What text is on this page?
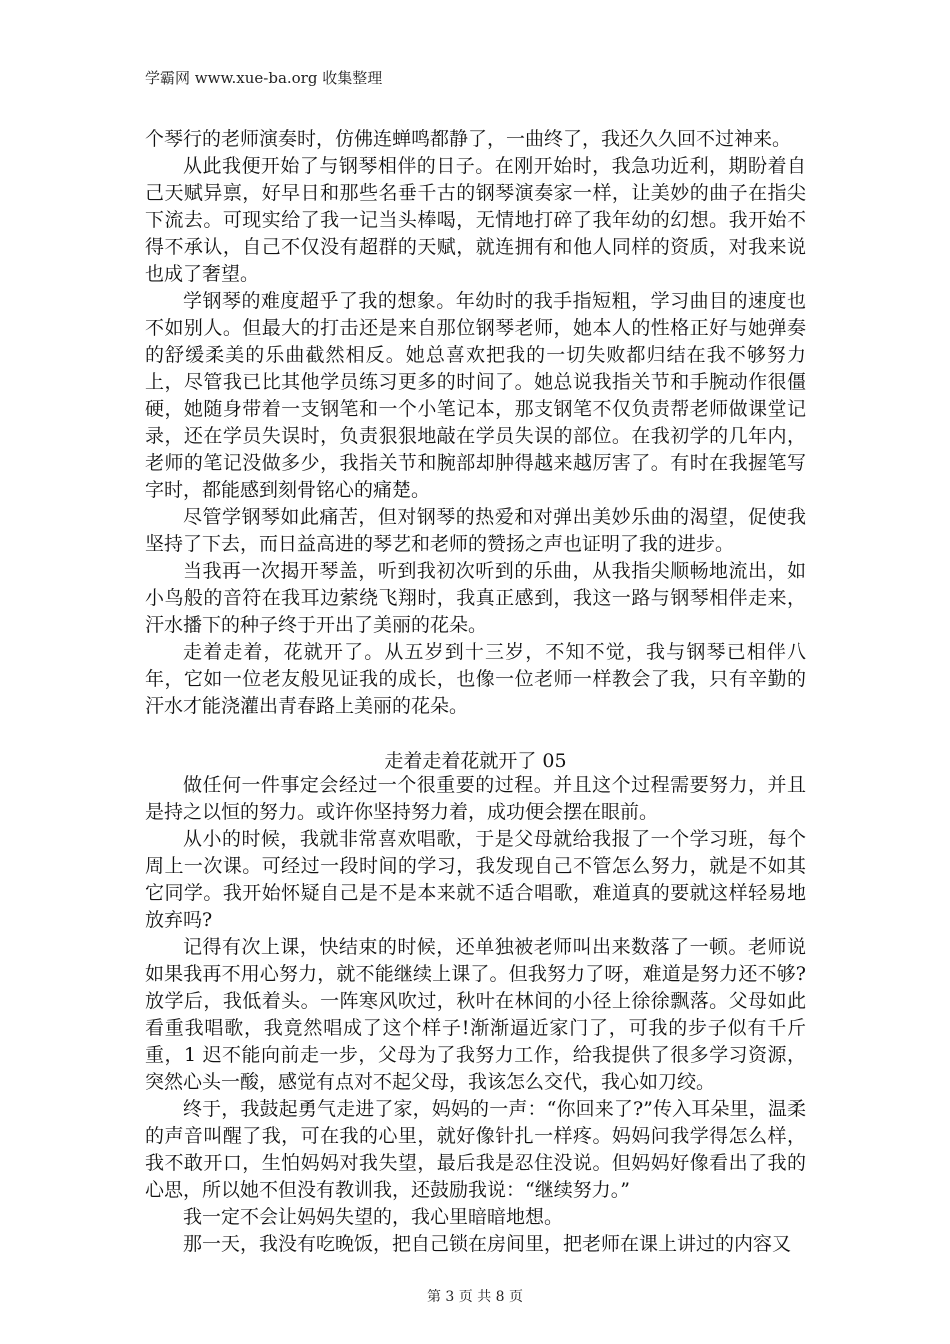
学霸网 www.xue-ba.org 收集整理

个琴行的老师演奏时，仿佛连蝉鸣都静了，一曲终了，我还久久回不过神来。

从此我便开始了与钢琴相伴的日子。在刚开始时，我急功近利，期盼着自己天赋异禀，好早日和那些名垂千古的钢琴演奏家一样，让美妙的曲子在指尖下流去。可现实给了我一记当头棒喝，无情地打碎了我年幼的幻想。我开始不得不承认，自己不仅没有超群的天赋，就连拥有和他人同样的资质，对我来说也成了奢望。

学钢琴的难度超乎了我的想象。年幼时的我手指短粗，学习曲目的速度也不如别人。但最大的打击还是来自那位钢琴老师，她本人的性格正好与她弹奏的舒缓柔美的乐曲截然相反。她总喜欢把我的一切失败都归结在我不够努力上，尽管我已比其他学员练习更多的时间了。她总说我指关节和手腕动作很僵硬，她随身带着一支钢笔和一个小笔记本，那支钢笔不仅负责帮老师做课堂记录，还在学员失误时，负责狠狠地敲在学员失误的部位。在我初学的几年内，老师的笔记没做多少，我指关节和腕部却肿得越来越厉害了。有时在我握笔写字时，都能感到刻骨铭心的痛楚。

尽管学钢琴如此痛苦，但对钢琴的热爱和对弹出美妙乐曲的渴望，促使我坚持了下去，而日益高进的琴艺和老师的赞扬之声也证明了我的进步。

当我再一次揭开琴盖，听到我初次听到的乐曲，从我指尖顺畅地流出，如小鸟般的音符在我耳边萦绕飞翔时，我真正感到，我这一路与钢琴相伴走来，汗水播下的种子终于开出了美丽的花朵。

走着走着，花就开了。从五岁到十三岁，不知不觉，我与钢琴已相伴八年，它如一位老友般见证我的成长，也像一位老师一样教会了我，只有辛勤的汗水才能浇灌出青春路上美丽的花朵。

走着走着花就开了 05

做任何一件事定会经过一个很重要的过程。并且这个过程需要努力，并且是持之以恒的努力。或许你坚持努力着，成功便会摆在眼前。

从小的时候，我就非常喜欢唱歌，于是父母就给我报了一个学习班，每个周上一次课。可经过一段时间的学习，我发现自己不管怎么努力，就是不如其它同学。我开始怀疑自己是不是本来就不适合唱歌，难道真的要就这样轻易地放弃吗?

记得有次上课，快结束的时候，还单独被老师叫出来数落了一顿。老师说如果我再不用心努力，就不能继续上课了。但我努力了呀，难道是努力还不够?放学后，我低着头。一阵寒风吹过，秋叶在林间的小径上徐徐飘落。父母如此看重我唱歌，我竟然唱成了这个样子!渐渐逼近家门了，可我的步子似有千斤重，1 迟不能向前走一步，父母为了我努力工作，给我提供了很多学习资源，突然心头一酸，感觉有点对不起父母，我该怎么交代，我心如刀绞。

终于，我鼓起勇气走进了家，妈妈的一声：“你回来了?”传入耳朵里，温柔的声音叫醒了我，可在我的心里，就好像针扎一样疼。妈妈问我学得怎么样，我不敢开口，生怕妈妈对我失望，最后我是忍住没说。但妈妈好像看出了我的心思，所以她不但没有教训我，还鼓励我说：“继续努力。”

我一定不会让妈妈失望的，我心里暗暗地想。

那一天，我没有吃晚饭，把自己锁在房间里，把老师在课上讲过的内容又

第 3 页 共 8 页
